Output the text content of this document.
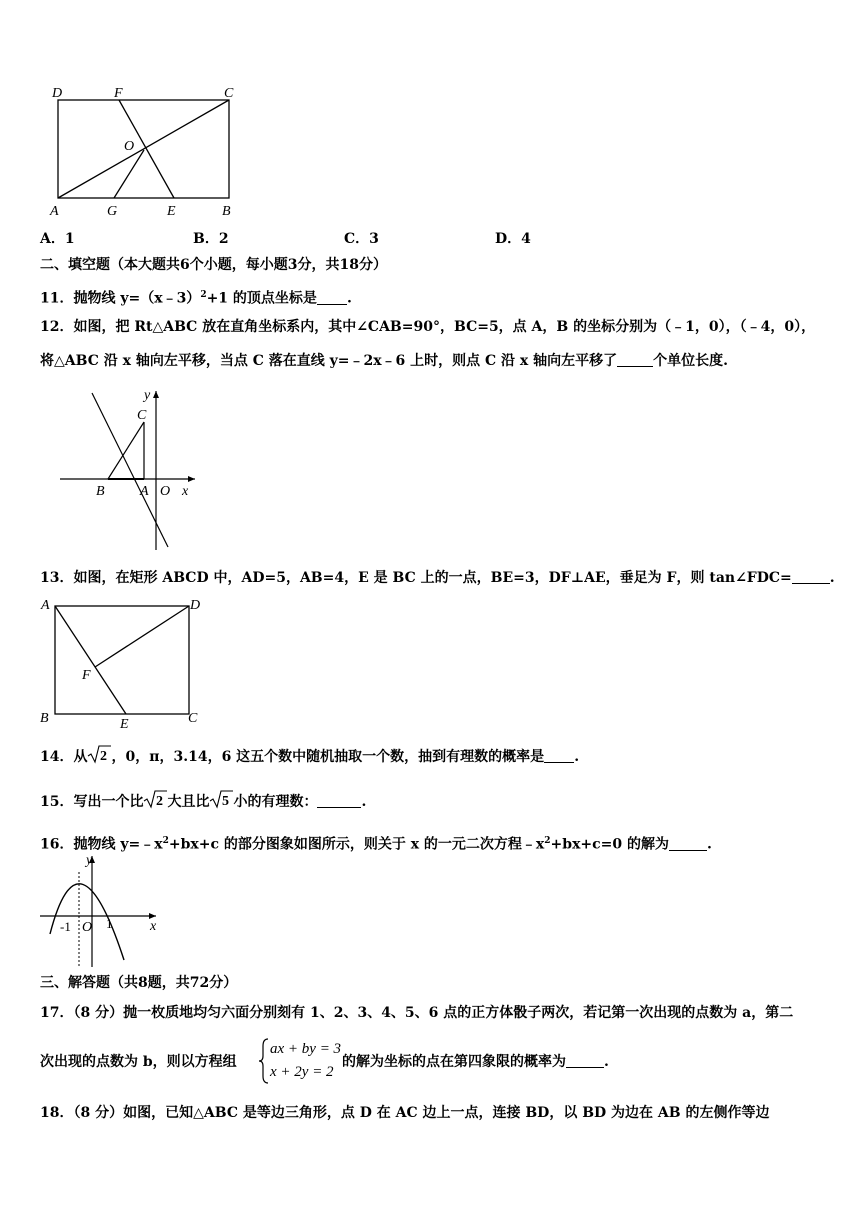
D	F	C
O
A	G	E	B
A．1	B．2	C．3	D．4
二、填空题（本大题共6个小题，每小题3分，共18分）
11．抛物线 y=（x﹣3）$^2$+1 的顶点坐标是 .
12．如图，把 Rt△ABC 放在直角坐标系内，其中∠CAB=90°，BC=5，点 A，B 的坐标分别为（﹣1，0），（﹣4，0），
将△ABC 沿 x 轴向左平移，当点 C 落在直线 y=﹣2x﹣6 上时，则点 C 沿 x 轴向左平移了	个单位长度.
y
C
B	A O x
13．如图，在矩形 ABCD 中，AD=5，AB=4，E 是 BC 上的一点，BE=3，DF⊥AE，垂足为 F，则 tan∠FDC=	.
A	D
F
B	E	C
14．从 2 ，0，π，3.14，6 这五个数中随机抽取一个数，抽到有理数的概率是 .
15．写出一个比 2 大且比 5 小的有理数：	.
16．抛物线 $y=﹣x^2+bx+c$ 的部分图象如图所示，则关于 x 的一元二次方程$﹣x^2+bx+c=0$ 的解为	.
y
x
-1 O 1
三、解答题（共8题，共72分）
17．（8 分）抛一枚质地均匀六面分别刻有 1、2、3、4、5、6 点的正方体骰子两次，若记第一次出现的点数为 a，第二
次出现的点数为 b，则以方程组
ax + by = 3
x + 2y = 2
的解为坐标的点在第四象限的概率为	.
18．（8 分）如图，已知△ABC 是等边三角形，点 D 在 AC 边上一点，连接 BD，以 BD 为边在 AB 的左侧作等边
